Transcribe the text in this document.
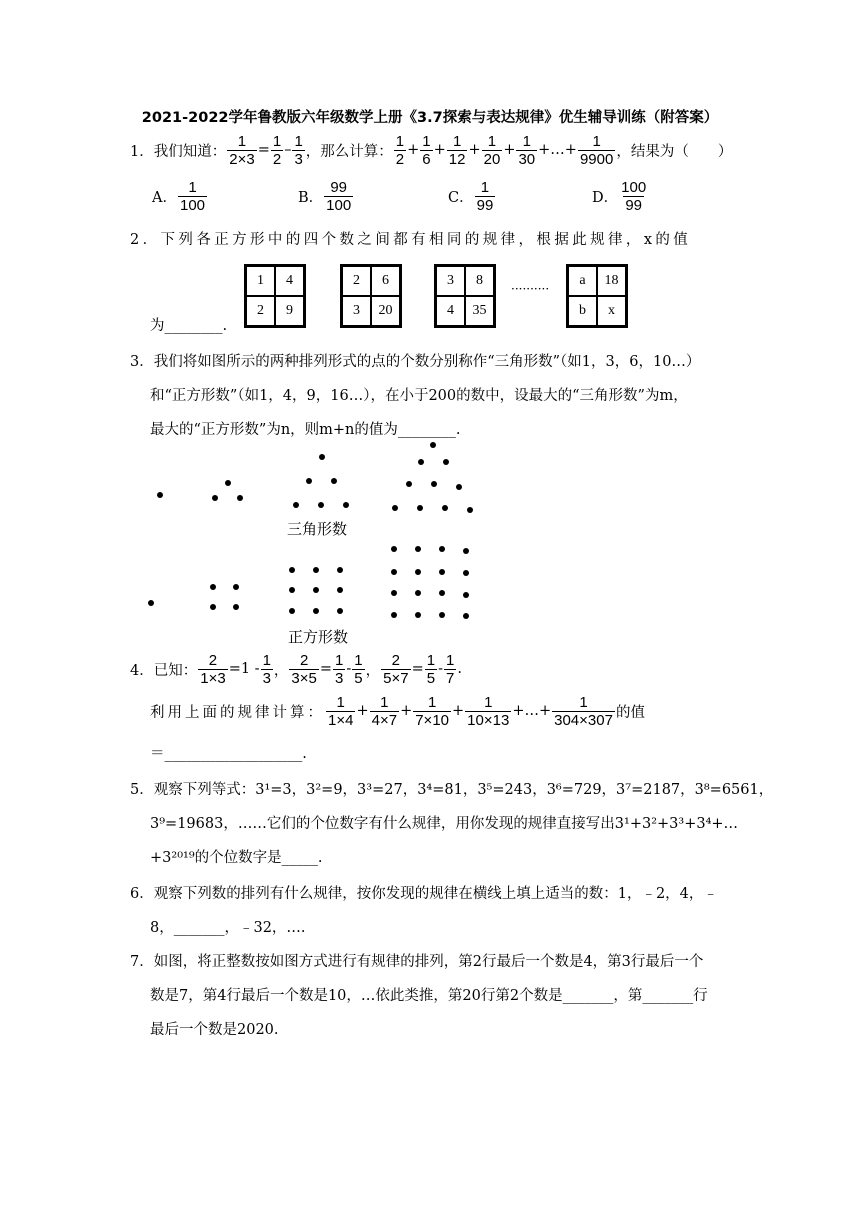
2021-2022学年鲁教版六年级数学上册《3.7探索与表达规律》优生辅导训练（附答案）
1．我们知道： $\frac{1}{2\times 3} = \frac{1}{2} - \frac{1}{3}$ ，那么计算： $\frac{1}{2} + \frac{1}{6} + \frac{1}{12} + \frac{1}{20} + \frac{1}{30}$ +…+ $\frac{1}{9900}$ ，结果为（　　）
A． $\frac{1}{100}$	B． $\frac{99}{100}$	C． $\frac{1}{99}$	D． $\frac{100}{99}$
2．下列各正方形中的四个数之间都有相同的规律，根据此规律，x的值
1	4
2	9
2	6
3	20
3	8
4	35
··········
a	18
b	x
为________.
3．我们将如图所示的两种排列形式的点的个数分别称作“三角形数”（如1，3，6，10…）
和“正方形数”（如1，4，9，16…），在小于200的数中，设最大的“三角形数”为m，
最大的“正方形数”为n，则m+n的值为________.
三角形数
正方形数
4．已知： $\frac{2}{1\times 3} =1 - \frac{1}{3}$ ， $\frac{2}{3\times 5} = \frac{1}{3} - \frac{1}{5}$ ， $\frac{2}{5\times 7} = \frac{1}{5} - \frac{1}{7}$ .
利用上面的规律计算： $\frac{1}{1\times 4} + \frac{1}{4\times 7} + \frac{1}{7\times 10} + \frac{1}{10\times 13}$ +…+ $\frac{1}{304\times 307}$ 的值
＝___________________.
5．观察下列等式：3¹=3，3²=9，3³=27，3⁴=81，3⁵=243，3⁶=729，3⁷=2187，3⁸=6561，
3⁹=19683，……它们的个位数字有什么规律，用你发现的规律直接写出3¹+3²+3³+3⁴+…
+3²⁰¹⁹的个位数字是_____.
6．观察下列数的排列有什么规律，按你发现的规律在横线上填上适当的数：1，﹣2，4，﹣
8，_______，﹣32，….
7．如图，将正整数按如图方式进行有规律的排列，第2行最后一个数是4，第3行最后一个
数是7，第4行最后一个数是10，…依此类推，第20行第2个数是_______，第_______行
最后一个数是2020.
